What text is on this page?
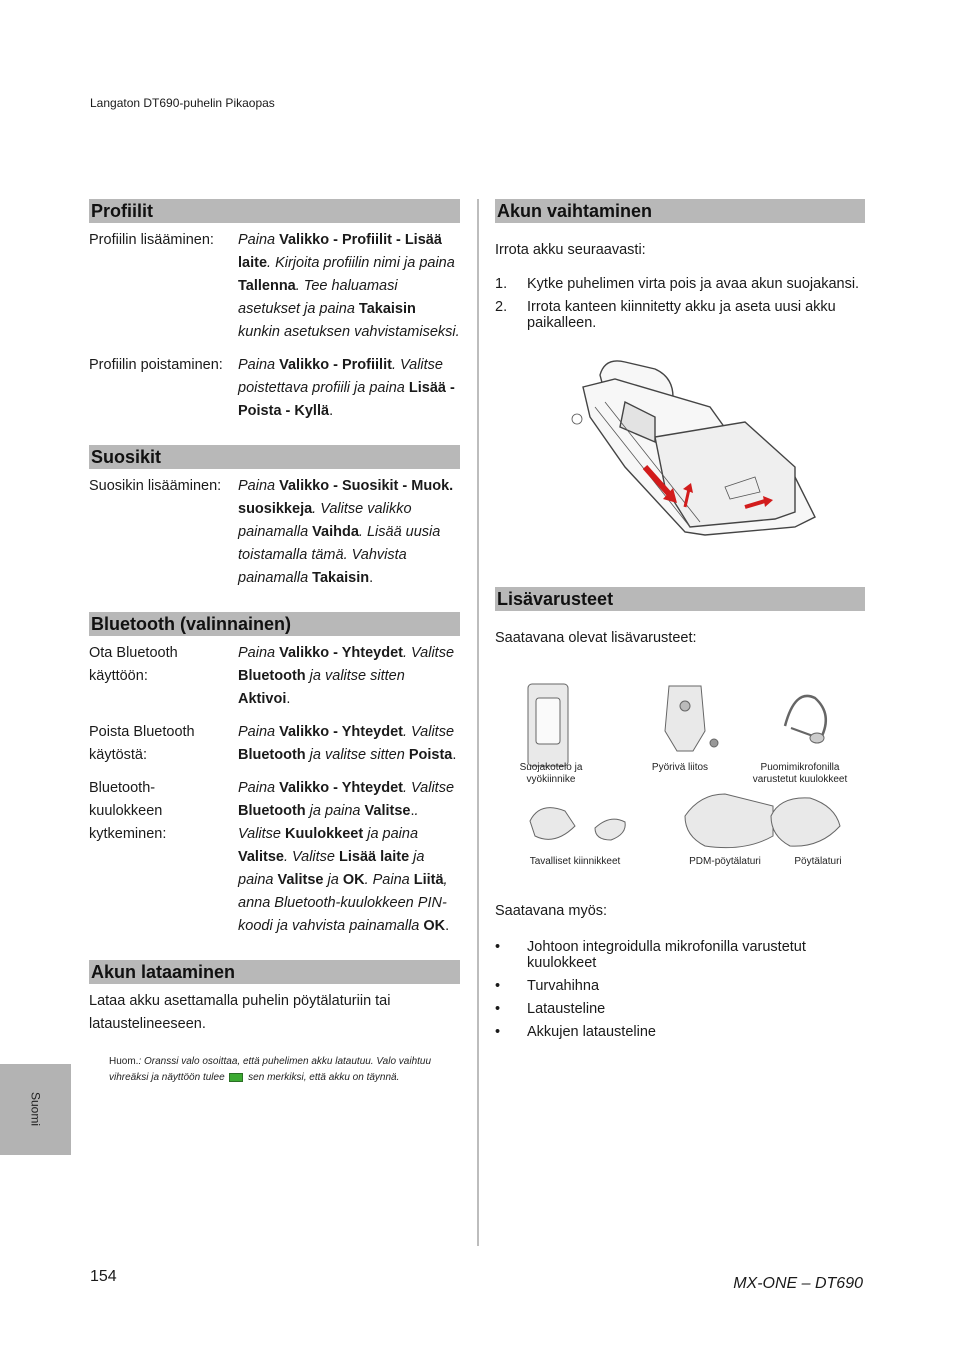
Langaton DT690-puhelin Pikaopas
Profiilit
Profiilin lisääminen:	Paina Valikko - Profiilit - Lisää laite. Kirjoita profiilin nimi ja paina Tallenna. Tee haluamasi asetukset ja paina Takaisin kunkin asetuksen vahvistamiseksi.
Profiilin poistaminen:	Paina Valikko - Profiilit. Valitse poistettava profiili ja paina Lisää - Poista - Kyllä.
Suosikit
Suosikin lisääminen:	Paina Valikko - Suosikit - Muok. suosikkeja. Valitse valikko painamalla Vaihda. Lisää uusia toistamalla tämä. Vahvista painamalla Takaisin.
Bluetooth (valinnainen)
Ota Bluetooth käyttöön:
Paina Valikko - Yhteydet. Valitse Bluetooth ja valitse sitten Aktivoi.
Poista Bluetooth käytöstä:
Paina Valikko - Yhteydet. Valitse Bluetooth ja valitse sitten Poista.
Bluetooth-kuulokkeen kytkeminen:
Paina Valikko - Yhteydet. Valitse Bluetooth ja paina Valitse.. Valitse Kuulokkeet ja paina Valitse. Valitse Lisää laite ja paina Valitse ja OK. Paina Liitä, anna Bluetooth-kuulokkeen PIN-koodi ja vahvista painamalla OK.
Akun lataaminen
Lataa akku asettamalla puhelin pöytälaturiin tai lataustelineeseen.
Huom.: Oranssi valo osoittaa, että puhelimen akku latautuu. Valo vaihtuu vihreäksi ja näyttöön tulee  sen merkiksi, että akku on täynnä.
Akun vaihtaminen
Irrota akku seuraavasti:
1.	Kytke puhelimen virta pois ja avaa akun suojakansi.
2.	Irrota kanteen kiinnitetty akku ja aseta uusi akku paikalleen.
Lisävarusteet
Saatavana olevat lisävarusteet:
Suojakotelo ja vyökiinnike
Pyörivä liitos	Puomimikrofonilla varustetut kuulokkeet
Tavalliset kiinnikkeet	PDM-pöytälaturi	Pöytälaturi
Saatavana myös:
•	Johtoon integroidulla mikrofonilla varustetut kuulokkeet
•	Turvahihna
•	Latausteline
•	Akkujen latausteline
Suomi
154	MX-ONE – DT690
